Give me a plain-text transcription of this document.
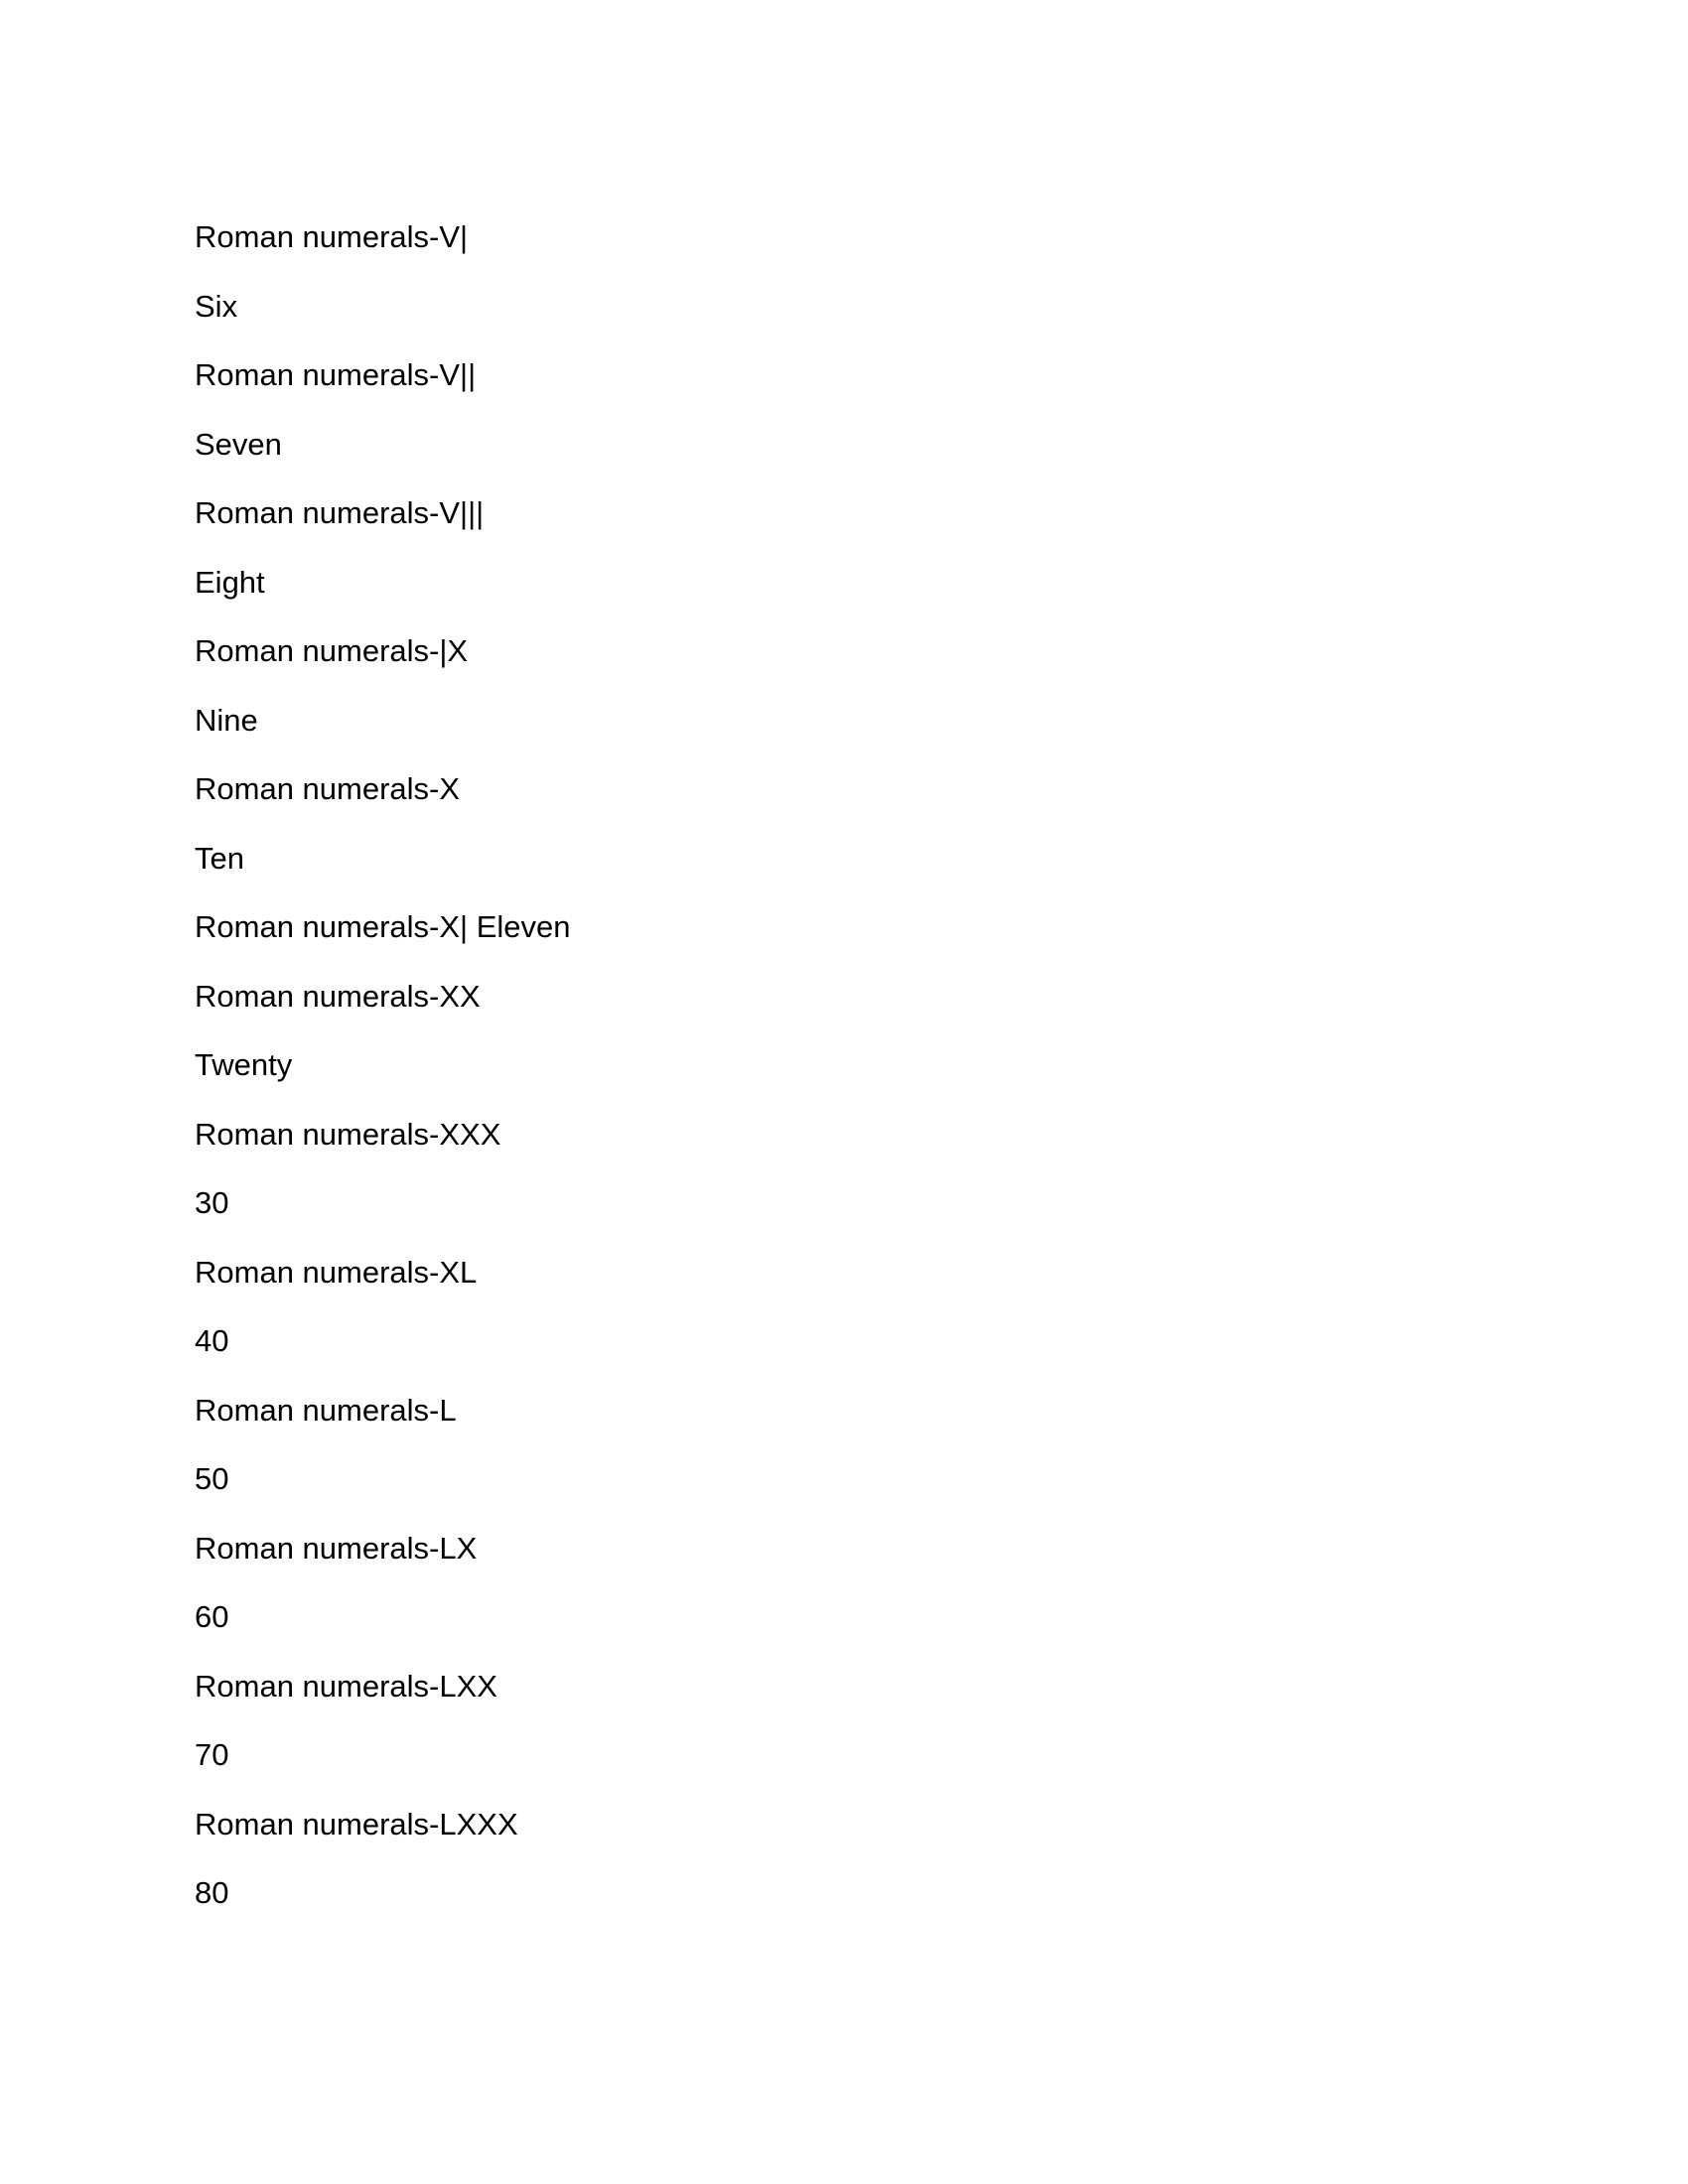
Roman numerals-V|
Six
Roman numerals-V||
Seven
Roman numerals-V|||
Eight
Roman numerals-|X
Nine
Roman numerals-X
Ten
Roman numerals-X| Eleven
Roman numerals-XX
Twenty
Roman numerals-XXX
30
Roman numerals-XL
40
Roman numerals-L
50
Roman numerals-LX
60
Roman numerals-LXX
70
Roman numerals-LXXX
80
